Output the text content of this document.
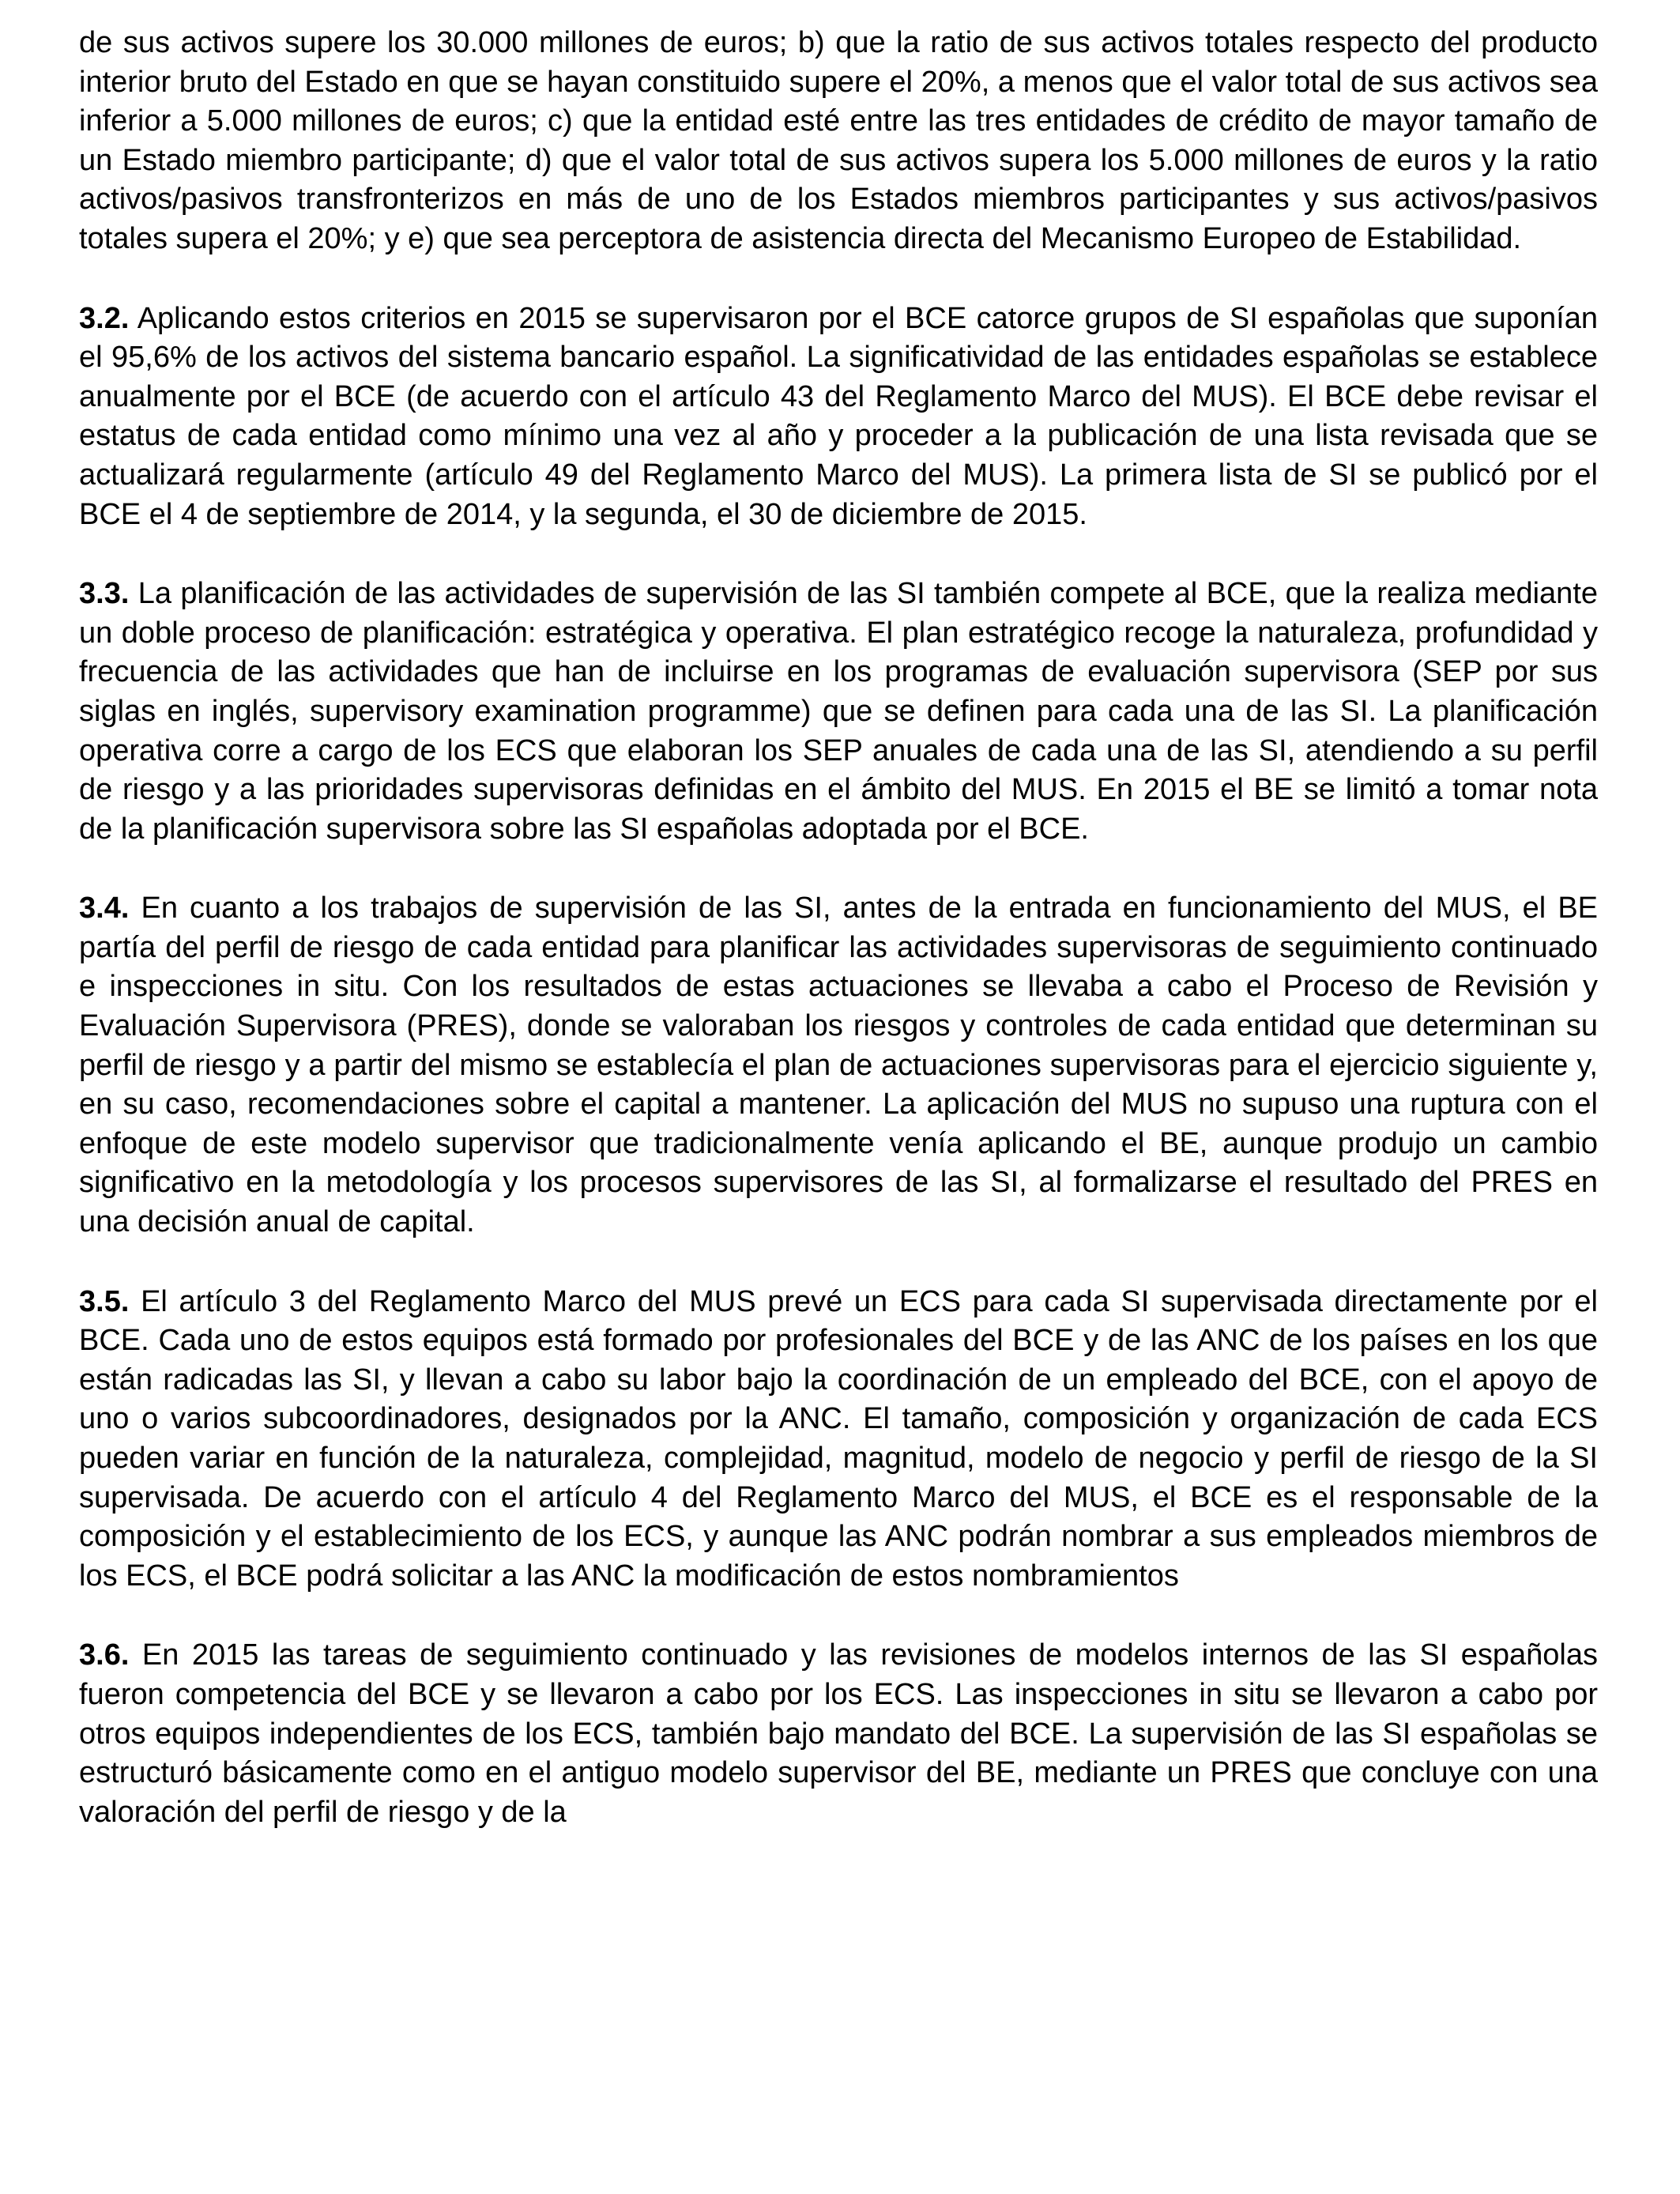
de sus activos supere los 30.000 millones de euros; b) que la ratio de sus activos totales respecto del producto interior bruto del Estado en que se hayan constituido supere el 20%, a menos que el valor total de sus activos sea inferior a 5.000 millones de euros; c) que la entidad esté entre las tres entidades de crédito de mayor tamaño de un Estado miembro participante; d) que el valor total de sus activos supera los 5.000 millones de euros y la ratio activos/pasivos transfronterizos en más de uno de los Estados miembros participantes y sus activos/pasivos totales supera el 20%; y e) que sea perceptora de asistencia directa del Mecanismo Europeo de Estabilidad.

3.2. Aplicando estos criterios en 2015 se supervisaron por el BCE catorce grupos de SI españolas que suponían el 95,6% de los activos del sistema bancario español. La significatividad de las entidades españolas se establece anualmente por el BCE (de acuerdo con el artículo 43 del Reglamento Marco del MUS). El BCE debe revisar el estatus de cada entidad como mínimo una vez al año y proceder a la publicación de una lista revisada que se actualizará regularmente (artículo 49 del Reglamento Marco del MUS). La primera lista de SI se publicó por el BCE el 4 de septiembre de 2014, y la segunda, el 30 de diciembre de 2015.

3.3. La planificación de las actividades de supervisión de las SI también compete al BCE, que la realiza mediante un doble proceso de planificación: estratégica y operativa. El plan estratégico recoge la naturaleza, profundidad y frecuencia de las actividades que han de incluirse en los programas de evaluación supervisora (SEP por sus siglas en inglés, supervisory examination programme) que se definen para cada una de las SI. La planificación operativa corre a cargo de los ECS que elaboran los SEP anuales de cada una de las SI, atendiendo a su perfil de riesgo y a las prioridades supervisoras definidas en el ámbito del MUS. En 2015 el BE se limitó a tomar nota de la planificación supervisora sobre las SI españolas adoptada por el BCE.

3.4. En cuanto a los trabajos de supervisión de las SI, antes de la entrada en funcionamiento del MUS, el BE partía del perfil de riesgo de cada entidad para planificar las actividades supervisoras de seguimiento continuado e inspecciones in situ. Con los resultados de estas actuaciones se llevaba a cabo el Proceso de Revisión y Evaluación Supervisora (PRES), donde se valoraban los riesgos y controles de cada entidad que determinan su perfil de riesgo y a partir del mismo se establecía el plan de actuaciones supervisoras para el ejercicio siguiente y, en su caso, recomendaciones sobre el capital a mantener. La aplicación del MUS no supuso una ruptura con el enfoque de este modelo supervisor que tradicionalmente venía aplicando el BE, aunque produjo un cambio significativo en la metodología y los procesos supervisores de las SI, al formalizarse el resultado del PRES en una decisión anual de capital.

3.5. El artículo 3 del Reglamento Marco del MUS prevé un ECS para cada SI supervisada directamente por el BCE. Cada uno de estos equipos está formado por profesionales del BCE y de las ANC de los países en los que están radicadas las SI, y llevan a cabo su labor bajo la coordinación de un empleado del BCE, con el apoyo de uno o varios subcoordinadores, designados por la ANC. El tamaño, composición y organización de cada ECS pueden variar en función de la naturaleza, complejidad, magnitud, modelo de negocio y perfil de riesgo de la SI supervisada. De acuerdo con el artículo 4 del Reglamento Marco del MUS, el BCE es el responsable de la composición y el establecimiento de los ECS, y aunque las ANC podrán nombrar a sus empleados miembros de los ECS, el BCE podrá solicitar a las ANC la modificación de estos nombramientos

3.6. En 2015 las tareas de seguimiento continuado y las revisiones de modelos internos de las SI españolas fueron competencia del BCE y se llevaron a cabo por los ECS. Las inspecciones in situ se llevaron a cabo por otros equipos independientes de los ECS, también bajo mandato del BCE. La supervisión de las SI españolas se estructuró básicamente como en el antiguo modelo supervisor del BE, mediante un PRES que concluye con una valoración del perfil de riesgo y de la
